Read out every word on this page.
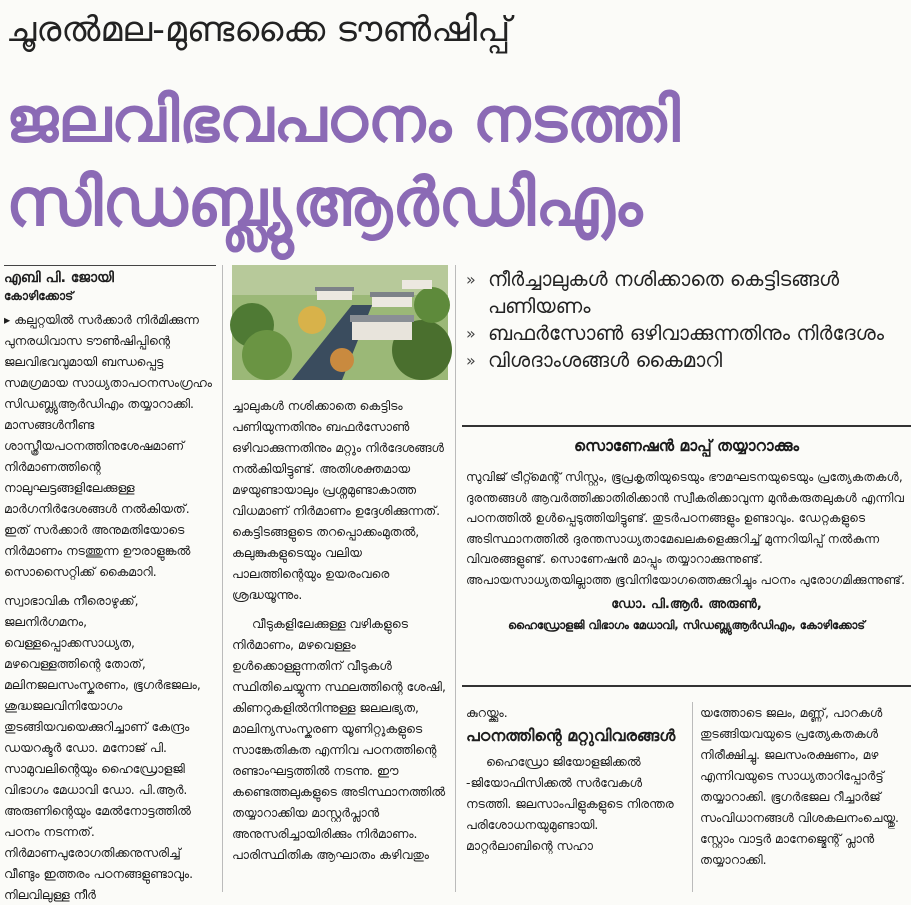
ചൂരൽമല-മുണ്ടക്കൈ ടൗൺഷിപ്പ്
ജലവിഭവപഠനം നടത്തി
സിഡബ്ല്യുആർഡിഎം
എബി പി. ജോയി
കോഴിക്കോട്

▸ കല്പറ്റയിൽ സർക്കാർ നിർമിക്കുന്ന പുനരധിവാസ ടൗൺഷിപ്പിന്റെ ജലവിഭവവുമായി ബന്ധപ്പെട്ട സമഗ്രമായ സാധ്യതാപഠനസംഗ്രഹം സിഡബ്ല്യുആർഡിഎം തയ്യാറാക്കി. മാസങ്ങൾനീണ്ട ശാസ്ത്രീയപഠനത്തിനുശേഷമാണ് നിർമാണത്തിന്റെ നാലുഘട്ടങ്ങളിലേക്കുള്ള മാർഗനിർദേശങ്ങൾ നൽകിയത്. ഇത് സർക്കാർ അനുമതിയോടെ നിർമാണം നടത്തുന്ന ഊരാളുങ്കൽ സൊസൈറ്റിക്ക് കൈമാറി.

സ്വാഭാവിക നീരൊഴുക്ക്, ജലനിർഗമനം, വെള്ളപ്പൊക്കസാധ്യത, മഴവെള്ളത്തിന്റെ തോത്, മലിനജലസംസ്കരണം, ഭൂഗർഭജലം, ശുദ്ധജലവിനിയോഗം തുടങ്ങിയവയെക്കുറിച്ചാണ് കേന്ദ്രം ഡയറക്ടർ ഡോ. മനോജ് പി. സാമുവലിന്റെയും ഹൈഡ്രോളജി വിഭാഗം മേധാവി ഡോ. പി.ആർ. അരുണിന്റെയും മേൽനോട്ടത്തിൽ പഠനം നടന്നത്. നിർമാണപുരോഗതിക്കനുസരിച്ച് വീണ്ടും ഇത്തരം പഠനങ്ങളുണ്ടാവും. നിലവിലുള്ള നീർ

ച്ചാലുകൾ നശിക്കാതെ കെട്ടിടം പണിയുന്നതിനും ബഫർസോൺ ഒഴിവാക്കുന്നതിനും മറ്റും നിർദേശങ്ങൾ നൽകിയിട്ടുണ്ട്. അതിശക്തമായ മഴയുണ്ടായാലും പ്രശ്നമുണ്ടാകാത്ത വിധമാണ് നിർമാണം ഉദ്ദേശിക്കുന്നത്. കെട്ടിടങ്ങളുടെ തറപ്പൊക്കംമുതൽ, കലുങ്കുകളുടെയും വലിയ പാലത്തിന്റെയും ഉയരംവരെ ശ്രദ്ധയൂന്നും.

വീടുകളിലേക്കുള്ള വഴികളുടെ നിർമാണം, മഴവെള്ളം ഉൾക്കൊള്ളുന്നതിന് വീടുകൾ സ്ഥിതിചെയ്യുന്ന സ്ഥലത്തിന്റെ ശേഷി, കിണറുകളിൽനിന്നുള്ള ജലലഭ്യത, മാലിന്യസംസ്കരണ യൂണിറ്റുകളുടെ സാങ്കേതികത എന്നിവ പഠനത്തിന്റെ രണ്ടാംഘട്ടത്തിൽ നടന്നു. ഈ കണ്ടെത്തലുകളുടെ അടിസ്ഥാനത്തിൽ തയ്യാറാക്കിയ മാസ്റ്റർപ്ലാൻ അനുസരിച്ചായിരിക്കും നിർമാണം. പാരിസ്ഥിതിക ആഘാതം കഴിവതും

» നീർച്ചാലുകൾ നശിക്കാതെ കെട്ടിടങ്ങൾ പണിയണം
» ബഫർസോൺ ഒഴിവാക്കുന്നതിനും നിർദേശം
» വിശദാംശങ്ങൾ കൈമാറി
സൊണേഷൻ മാപ്പ് തയ്യാറാക്കും
സുവിജ് ട്രീറ്റ്മെന്റ് സിസ്റ്റം, ഭൂപ്രകൃതിയുടെയും ഭൗമഘടനയുടെയും പ്രത്യേകതകൾ, ദുരന്തങ്ങൾ ആവർത്തിക്കാതിരിക്കാൻ സ്വീകരിക്കാവുന്ന മുൻകരുതലുകൾ എന്നിവ പഠനത്തിൽ ഉൾപ്പെടുത്തിയിട്ടുണ്ട്. തുടർപഠനങ്ങളും ഉണ്ടാവും. ഡേറ്റകളുടെ അടിസ്ഥാനത്തിൽ ദുരന്തസാധ്യതാമേഖലകളെക്കുറിച്ച് മുന്നറിയിപ്പ് നൽകുന്ന വിവരങ്ങളുണ്ട്. സൊണേഷൻ മാപ്പും തയ്യാറാക്കുന്നുണ്ട്. അപായസാധ്യതയില്ലാത്ത ഭൂവിനിയോഗത്തെക്കുറിച്ചും പഠനം പുരോഗമിക്കുന്നുണ്ട്.
ഡോ. പി.ആർ. അരുൺ,
ഹൈഡ്രോളജി വിഭാഗം മേധാവി, സിഡബ്ല്യുആർഡിഎം, കോഴിക്കോട്

കുറയ്ക്കും.

പഠനത്തിന്റെ മറ്റുവിവരങ്ങൾ

ഹൈഡ്രോ ജിയോളജിക്കൽ -ജിയോഫിസിക്കൽ സർവേകൾ നടത്തി. ജലസാംപിളുകളുടെ നിരന്തര പരിശോധനയുമുണ്ടായി. മാറ്റർലാബിന്റെ സഹാ

യത്തോടെ ജലം, മണ്ണ്, പാറകൾ തുടങ്ങിയവയുടെ പ്രത്യേകതകൾ നിരീക്ഷിച്ചു. ജലസംരക്ഷണം, മഴ എന്നിവയുടെ സാധ്യതാറിപ്പോർട്ട് തയ്യാറാക്കി. ഭൂഗർഭജല റീച്ചാർജ് സംവിധാനങ്ങൾ വിശകലനംചെയ്തു. സ്റ്റോം വാട്ടർ മാനേജ്മെന്റ് പ്ലാൻ തയ്യാറാക്കി.
